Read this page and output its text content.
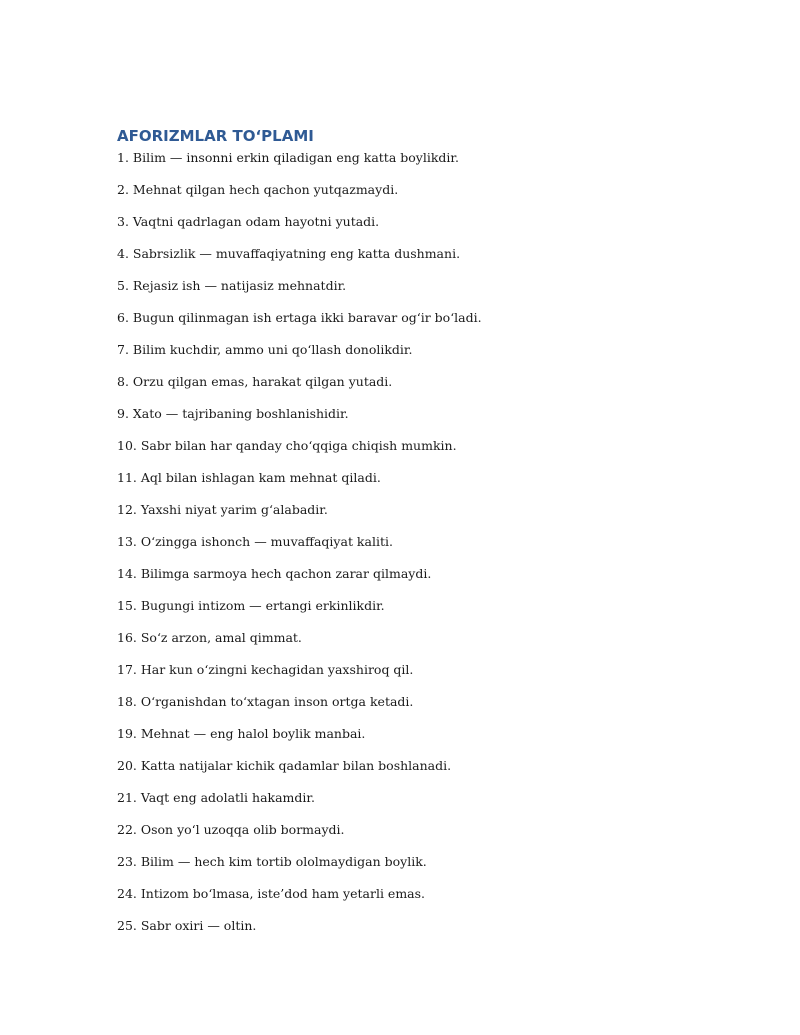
AFORIZMLAR TO‘PLAMI
1. Bilim — insonni erkin qiladigan eng katta boylikdir.
2. Mehnat qilgan hech qachon yutqazmaydi.
3. Vaqtni qadrlagan odam hayotni yutadi.
4. Sabrsizlik — muvaffaqiyatning eng katta dushmani.
5. Rejasiz ish — natijasiz mehnatdir.
6. Bugun qilinmagan ish ertaga ikki baravar og‘ir bo‘ladi.
7. Bilim kuchdir, ammo uni qo‘llash donolikdir.
8. Orzu qilgan emas, harakat qilgan yutadi.
9. Xato — tajribaning boshlanishidir.
10. Sabr bilan har qanday cho‘qqiga chiqish mumkin.
11. Aql bilan ishlagan kam mehnat qiladi.
12. Yaxshi niyat yarim g‘alabadir.
13. O‘zingga ishonch — muvaffaqiyat kaliti.
14. Bilimga sarmoya hech qachon zarar qilmaydi.
15. Bugungi intizom — ertangi erkinlikdir.
16. So‘z arzon, amal qimmat.
17. Har kun o‘zingni kechagidan yaxshiroq qil.
18. O‘rganishdan to‘xtagan inson ortga ketadi.
19. Mehnat — eng halol boylik manbai.
20. Katta natijalar kichik qadamlar bilan boshlanadi.
21. Vaqt eng adolatli hakamdir.
22. Oson yo‘l uzoqqa olib bormaydi.
23. Bilim — hech kim tortib ololmaydigan boylik.
24. Intizom bo‘lmasa, iste’dod ham yetarli emas.
25. Sabr oxiri — oltin.
